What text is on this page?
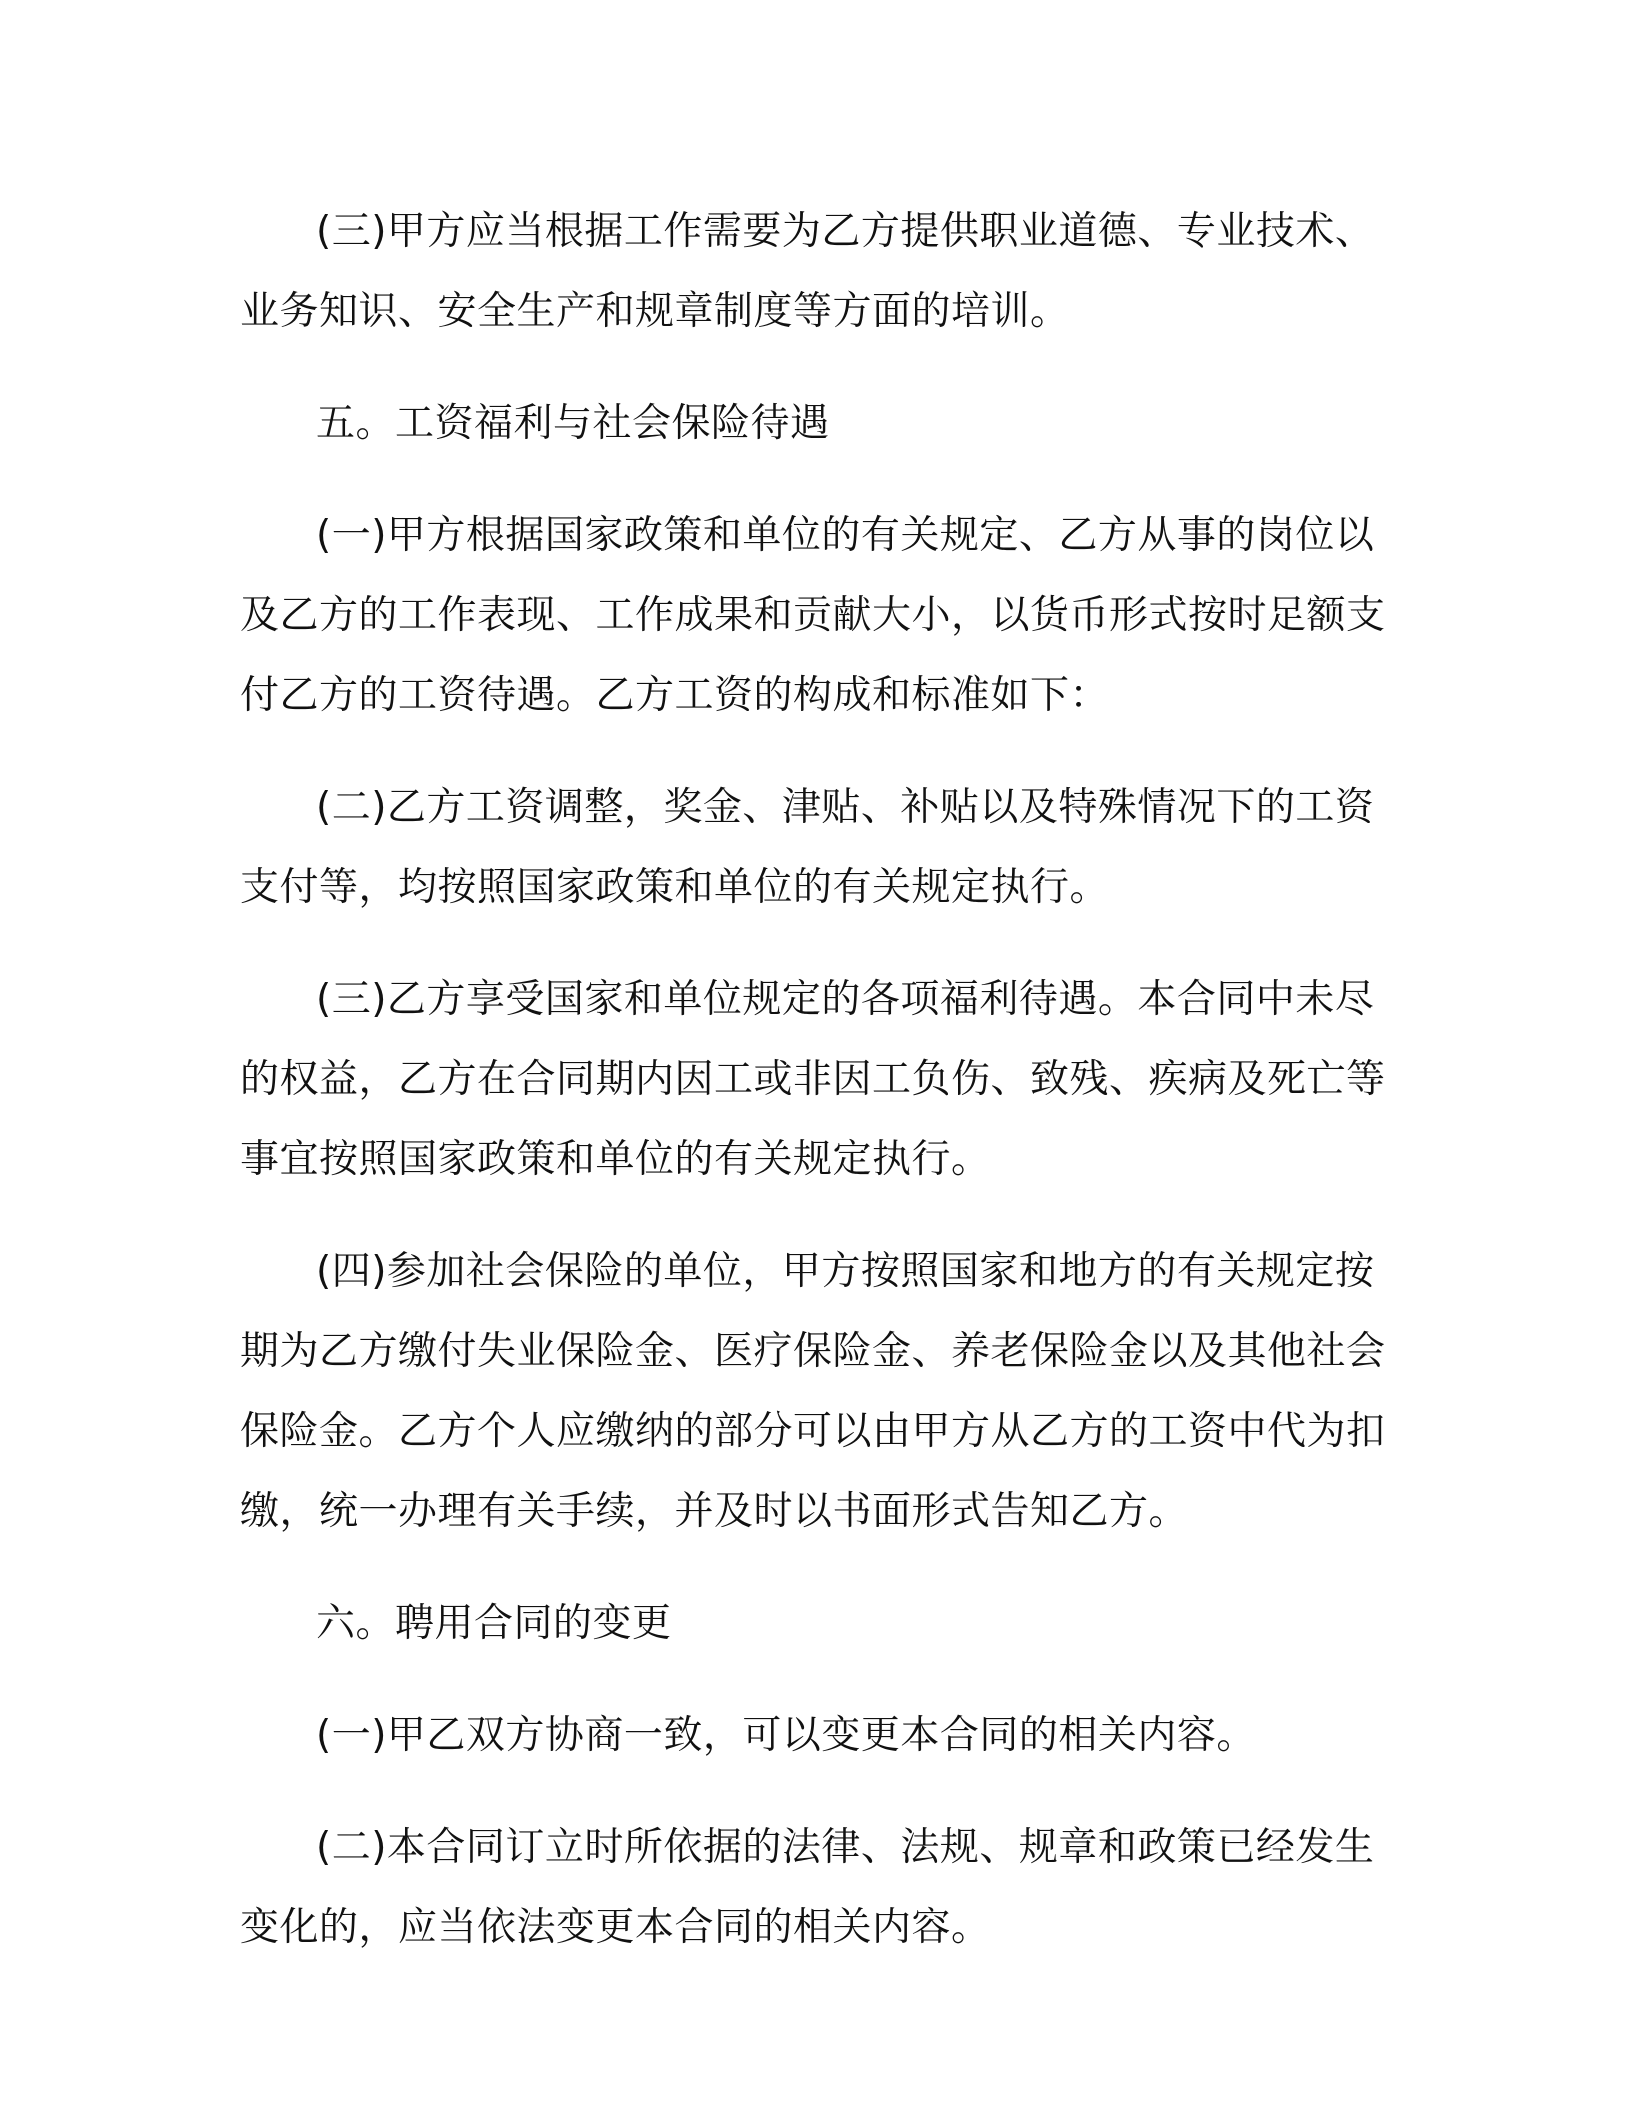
(三)甲方应当根据工作需要为乙方提供职业道德、专业技术、业务知识、安全生产和规章制度等方面的培训。

五。工资福利与社会保险待遇

(一)甲方根据国家政策和单位的有关规定、乙方从事的岗位以及乙方的工作表现、工作成果和贡献大小，以货币形式按时足额支付乙方的工资待遇。乙方工资的构成和标准如下：

(二)乙方工资调整，奖金、津贴、补贴以及特殊情况下的工资支付等，均按照国家政策和单位的有关规定执行。

(三)乙方享受国家和单位规定的各项福利待遇。本合同中未尽的权益，乙方在合同期内因工或非因工负伤、致残、疾病及死亡等事宜按照国家政策和单位的有关规定执行。

(四)参加社会保险的单位，甲方按照国家和地方的有关规定按期为乙方缴付失业保险金、医疗保险金、养老保险金以及其他社会保险金。乙方个人应缴纳的部分可以由甲方从乙方的工资中代为扣缴，统一办理有关手续，并及时以书面形式告知乙方。

六。聘用合同的变更

(一)甲乙双方协商一致，可以变更本合同的相关内容。

(二)本合同订立时所依据的法律、法规、规章和政策已经发生变化的，应当依法变更本合同的相关内容。
